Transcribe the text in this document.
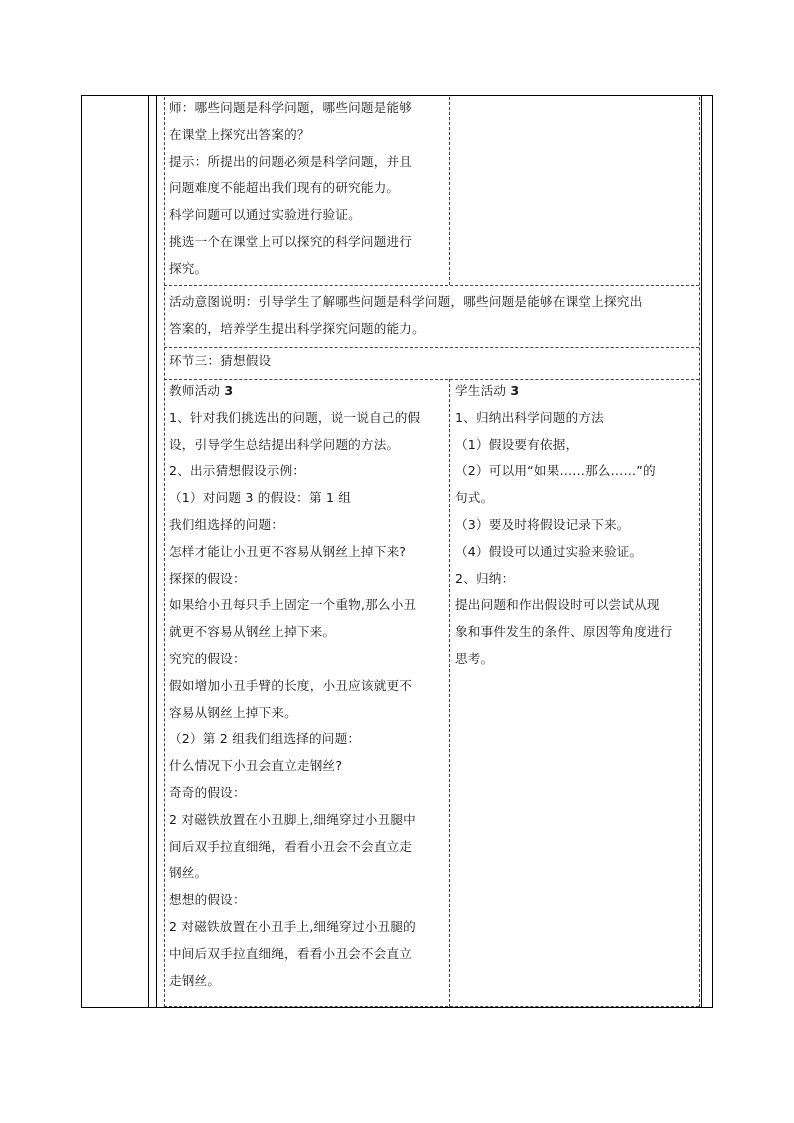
师：哪些问题是科学问题，哪些问题是能够

在课堂上探究出答案的？

提示：所提出的问题必须是科学问题，并且

问题难度不能超出我们现有的研究能力。

科学问题可以通过实验进行验证。

挑选一个在课堂上可以探究的科学问题进行

探究。

活动意图说明：引导学生了解哪些问题是科学问题，哪些问题是能够在课堂上探究出

答案的，培养学生提出科学探究问题的能力。

环节三：猜想假设

教师活动 3

1、针对我们挑选出的问题，说一说自己的假

设，引导学生总结提出科学问题的方法。

2、出示猜想假设示例：

（1）对问题 3 的假设：第 1 组

我们组选择的问题：

怎样才能让小丑更不容易从钢丝上掉下来?

探探的假设：

如果给小丑每只手上固定一个重物,那么小丑

就更不容易从钢丝上掉下来。

究究的假设：

假如增加小丑手臂的长度，小丑应该就更不

容易从钢丝上掉下来。

（2）第 2 组我们组选择的问题：

什么情况下小丑会直立走钢丝?

奇奇的假设：

2 对磁铁放置在小丑脚上,细绳穿过小丑腿中

间后双手拉直细绳，看看小丑会不会直立走

钢丝。

想想的假设：

2 对磁铁放置在小丑手上,细绳穿过小丑腿的

中间后双手拉直细绳，看看小丑会不会直立

走钢丝。

学生活动 3

1、归纳出科学问题的方法

（1）假设要有依据，

（2）可以用“如果……那么……”的

句式。

（3）要及时将假设记录下来。

（4）假设可以通过实验来验证。

2、归纳：

提出问题和作出假设时可以尝试从现

象和事件发生的条件、原因等角度进行

思考。
